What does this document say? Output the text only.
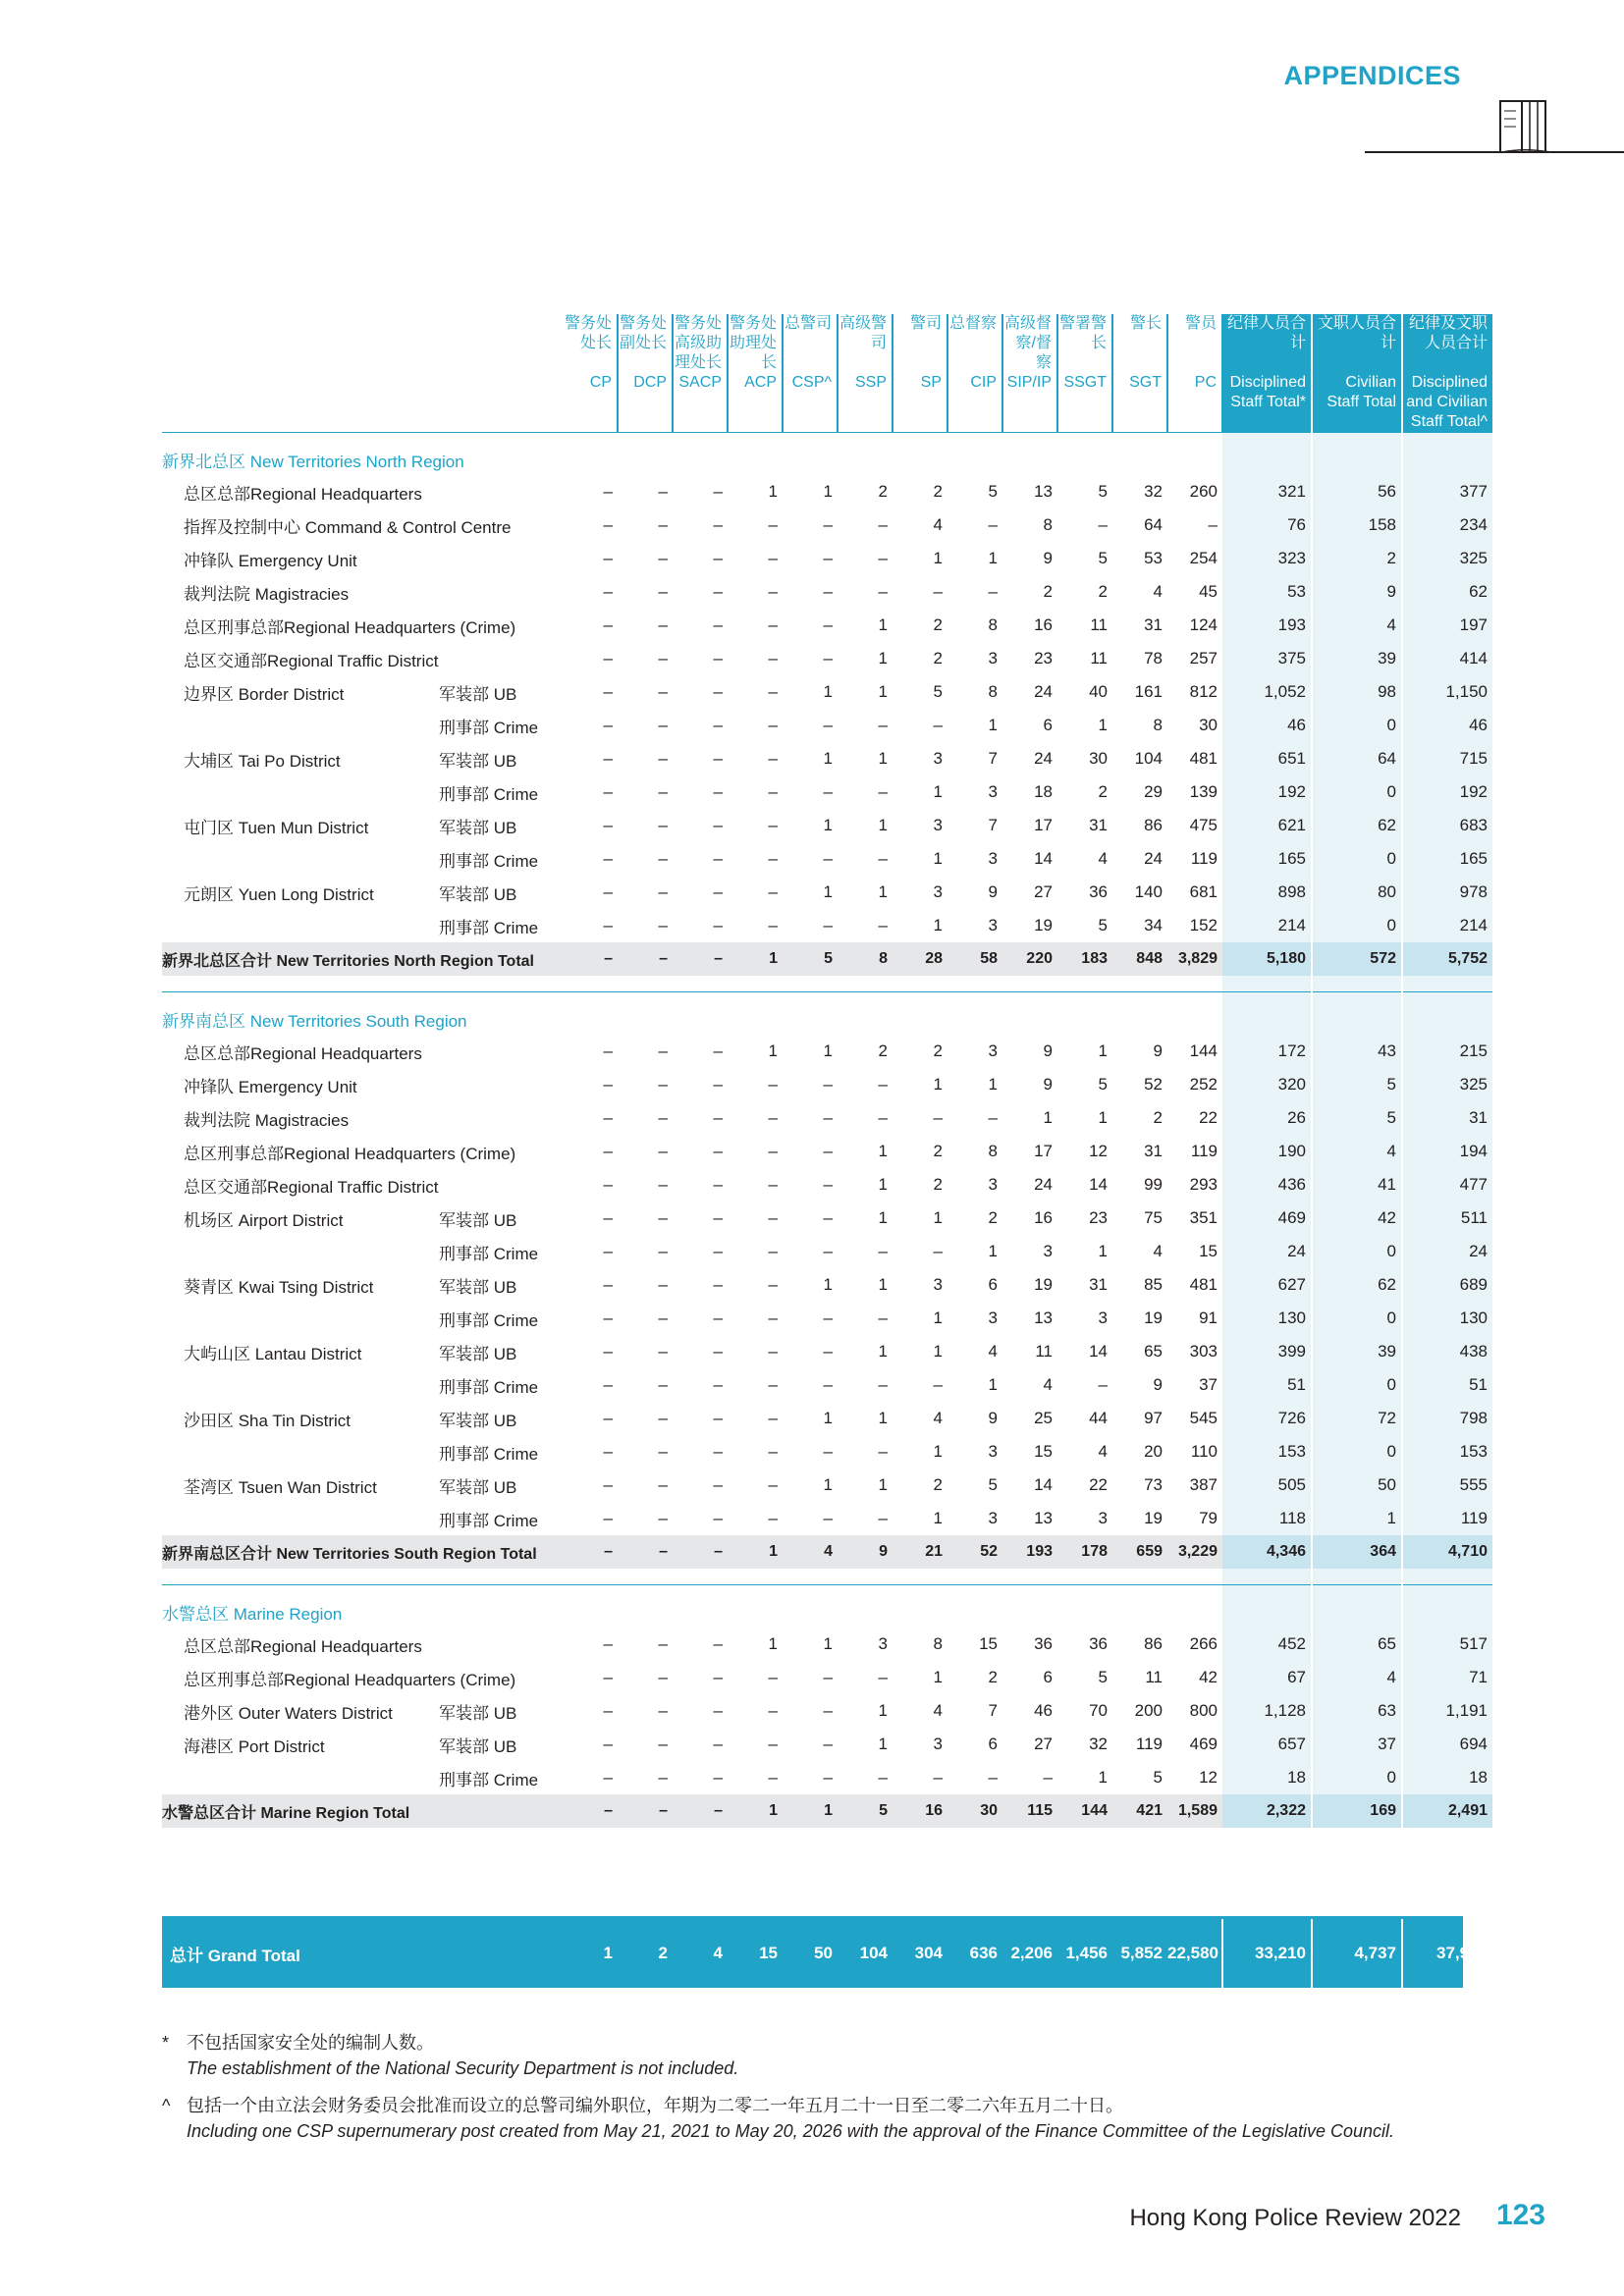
APPENDICES
		警务处处长	警务处副处长	警务处高级助理处长	警务处助理处长	总警司	高级警司	警司	总督察	高级督察/督察	警署警长	警长	警员	纪律人员合计	文职人员合计	纪律及文职人员合计
		CP	DCP	SACP	ACP	CSP^	SSP	SP	CIP	SIP/IP	SSGT	SGT	PC	Disciplined Staff Total*	Civilian Staff Total	Disciplined and Civilian Staff Total^
新界北总区 New Territories North Region																
总区总部Regional Headquarters		–	–	–	1	1	2	2	5	13	5	32	260	321	56	377
指挥及控制中心 Command & Control Centre		–	–	–	–	–	–	4	–	8	–	64	–	76	158	234
冲锋队 Emergency Unit		–	–	–	–	–	–	1	1	9	5	53	254	323	2	325
裁判法院 Magistracies		–	–	–	–	–	–	–	–	2	2	4	45	53	9	62
总区刑事总部Regional Headquarters (Crime)		–	–	–	–	–	1	2	8	16	11	31	124	193	4	197
总区交通部Regional Traffic District		–	–	–	–	–	1	2	3	23	11	78	257	375	39	414
边界区 Border District	军装部 UB	–	–	–	–	1	1	5	8	24	40	161	812	1,052	98	1,150
	刑事部 Crime	–	–	–	–	–	–	–	1	6	1	8	30	46	0	46
大埔区 Tai Po District	军装部 UB	–	–	–	–	1	1	3	7	24	30	104	481	651	64	715
	刑事部 Crime	–	–	–	–	–	–	1	3	18	2	29	139	192	0	192
屯门区 Tuen Mun District	军装部 UB	–	–	–	–	1	1	3	7	17	31	86	475	621	62	683
	刑事部 Crime	–	–	–	–	–	–	1	3	14	4	24	119	165	0	165
元朗区 Yuen Long District	军装部 UB	–	–	–	–	1	1	3	9	27	36	140	681	898	80	978
	刑事部 Crime	–	–	–	–	–	–	1	3	19	5	34	152	214	0	214
新界北总区合计 New Territories North Region Total		–	–	–	1	5	8	28	58	220	183	848	3,829	5,180	572	5,752

新界南总区 New Territories South Region																
总区总部Regional Headquarters		–	–	–	1	1	2	2	3	9	1	9	144	172	43	215
冲锋队 Emergency Unit		–	–	–	–	–	–	1	1	9	5	52	252	320	5	325
裁判法院 Magistracies		–	–	–	–	–	–	–	–	1	1	2	22	26	5	31
总区刑事总部Regional Headquarters (Crime)		–	–	–	–	–	1	2	8	17	12	31	119	190	4	194
总区交通部Regional Traffic District		–	–	–	–	–	1	2	3	24	14	99	293	436	41	477
机场区 Airport District	军装部 UB	–	–	–	–	–	1	1	2	16	23	75	351	469	42	511
	刑事部 Crime	–	–	–	–	–	–	–	1	3	1	4	15	24	0	24
葵青区 Kwai Tsing District	军装部 UB	–	–	–	–	1	1	3	6	19	31	85	481	627	62	689
	刑事部 Crime	–	–	–	–	–	–	1	3	13	3	19	91	130	0	130
大屿山区 Lantau District	军装部 UB	–	–	–	–	–	1	1	4	11	14	65	303	399	39	438
	刑事部 Crime	–	–	–	–	–	–	–	1	4	–	9	37	51	0	51
沙田区 Sha Tin District	军装部 UB	–	–	–	–	1	1	4	9	25	44	97	545	726	72	798
	刑事部 Crime	–	–	–	–	–	–	1	3	15	4	20	110	153	0	153
荃湾区 Tsuen Wan District	军装部 UB	–	–	–	–	1	1	2	5	14	22	73	387	505	50	555
	刑事部 Crime	–	–	–	–	–	–	1	3	13	3	19	79	118	1	119
新界南总区合计 New Territories South Region Total		–	–	–	1	4	9	21	52	193	178	659	3,229	4,346	364	4,710

水警总区 Marine Region																
总区总部Regional Headquarters		–	–	–	1	1	3	8	15	36	36	86	266	452	65	517
总区刑事总部Regional Headquarters (Crime)		–	–	–	–	–	–	1	2	6	5	11	42	67	4	71
港外区 Outer Waters District	军装部 UB	–	–	–	–	–	1	4	7	46	70	200	800	1,128	63	1,191
海港区 Port District	军装部 UB	–	–	–	–	–	1	3	6	27	32	119	469	657	37	694
	刑事部 Crime	–	–	–	–	–	–	–	–	–	1	5	12	18	0	18
水警总区合计 Marine Region Total		–	–	–	1	1	5	16	30	115	144	421	1,589	2,322	169	2,491
总计 Grand Total	1	2	4	15	50	104	304	636	2,206	1,456	5,852	22,580	33,210	4,737	37,947
* 不包括国家安全处的编制人数。
The establishment of the National Security Department is not included.
^ 包括一个由立法会财务委员会批准而设立的总警司编外职位，年期为二零二一年五月二十一日至二零二六年五月二十日。
Including one CSP supernumerary post created from May 21, 2021 to May 20, 2026 with the approval of the Finance Committee of the Legislative Council.
Hong Kong Police Review 2022 123
